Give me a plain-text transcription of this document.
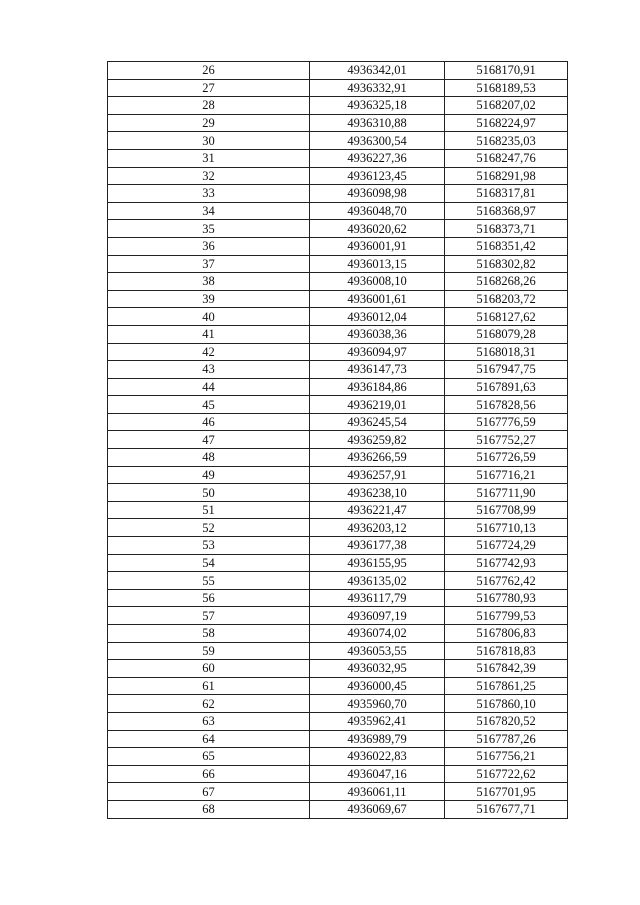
26	4936342,01	5168170,91
27	4936332,91	5168189,53
28	4936325,18	5168207,02
29	4936310,88	5168224,97
30	4936300,54	5168235,03
31	4936227,36	5168247,76
32	4936123,45	5168291,98
33	4936098,98	5168317,81
34	4936048,70	5168368,97
35	4936020,62	5168373,71
36	4936001,91	5168351,42
37	4936013,15	5168302,82
38	4936008,10	5168268,26
39	4936001,61	5168203,72
40	4936012,04	5168127,62
41	4936038,36	5168079,28
42	4936094,97	5168018,31
43	4936147,73	5167947,75
44	4936184,86	5167891,63
45	4936219,01	5167828,56
46	4936245,54	5167776,59
47	4936259,82	5167752,27
48	4936266,59	5167726,59
49	4936257,91	5167716,21
50	4936238,10	5167711,90
51	4936221,47	5167708,99
52	4936203,12	5167710,13
53	4936177,38	5167724,29
54	4936155,95	5167742,93
55	4936135,02	5167762,42
56	4936117,79	5167780,93
57	4936097,19	5167799,53
58	4936074,02	5167806,83
59	4936053,55	5167818,83
60	4936032,95	5167842,39
61	4936000,45	5167861,25
62	4935960,70	5167860,10
63	4935962,41	5167820,52
64	4936989,79	5167787,26
65	4936022,83	5167756,21
66	4936047,16	5167722,62
67	4936061,11	5167701,95
68	4936069,67	5167677,71
